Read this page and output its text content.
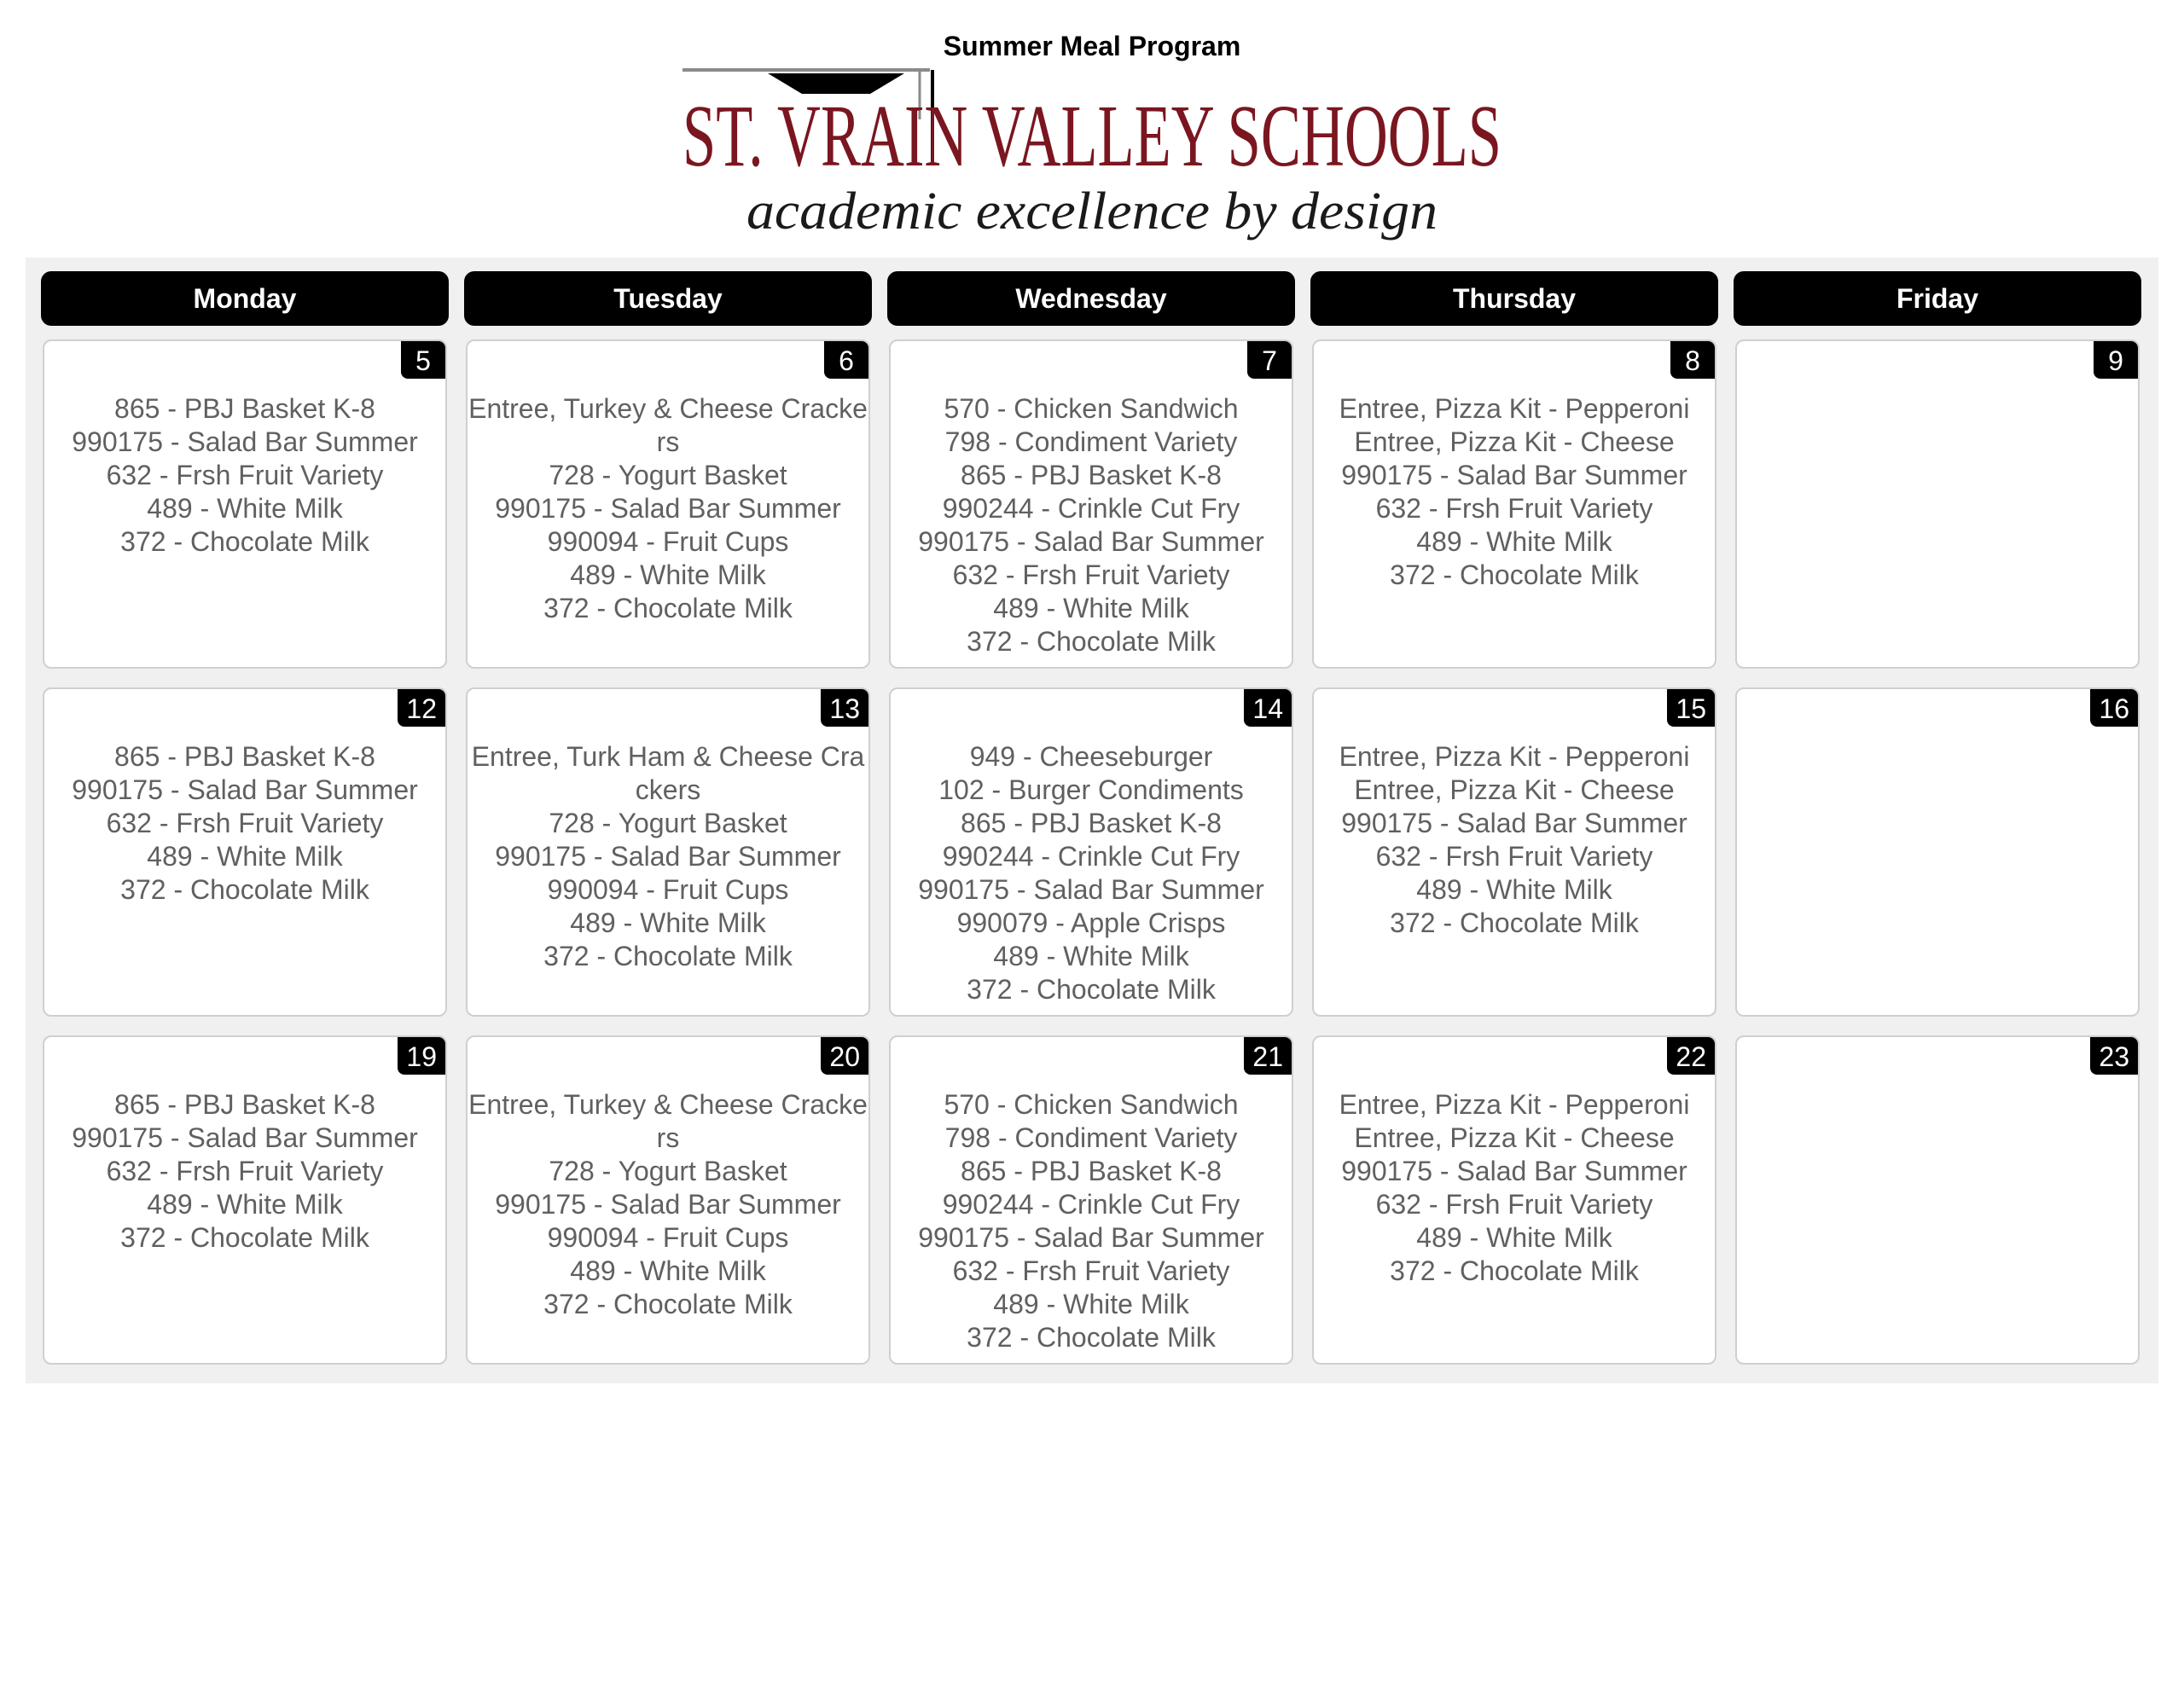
Summer Meal Program
ST. VRAIN VALLEY SCHOOLS
academic excellence by design
Monday	Tuesday	Wednesday	Thursday	Friday
5
865 - PBJ Basket K-8
990175 - Salad Bar Summer
632 - Frsh Fruit Variety
489 - White Milk
372 - Chocolate Milk
6
Entree, Turkey & Cheese Crackers
728 - Yogurt Basket
990175 - Salad Bar Summer
990094 - Fruit Cups
489 - White Milk
372 - Chocolate Milk
7
570 - Chicken Sandwich
798 - Condiment Variety
865 - PBJ Basket K-8
990244 - Crinkle Cut Fry
990175 - Salad Bar Summer
632 - Frsh Fruit Variety
489 - White Milk
372 - Chocolate Milk
8
Entree, Pizza Kit - Pepperoni
Entree, Pizza Kit - Cheese
990175 - Salad Bar Summer
632 - Frsh Fruit Variety
489 - White Milk
372 - Chocolate Milk
9
12
865 - PBJ Basket K-8
990175 - Salad Bar Summer
632 - Frsh Fruit Variety
489 - White Milk
372 - Chocolate Milk
13
Entree, Turk Ham & Cheese Crackers
728 - Yogurt Basket
990175 - Salad Bar Summer
990094 - Fruit Cups
489 - White Milk
372 - Chocolate Milk
14
949 - Cheeseburger
102 - Burger Condiments
865 - PBJ Basket K-8
990244 - Crinkle Cut Fry
990175 - Salad Bar Summer
990079 - Apple Crisps
489 - White Milk
372 - Chocolate Milk
15
Entree, Pizza Kit - Pepperoni
Entree, Pizza Kit - Cheese
990175 - Salad Bar Summer
632 - Frsh Fruit Variety
489 - White Milk
372 - Chocolate Milk
16
19
865 - PBJ Basket K-8
990175 - Salad Bar Summer
632 - Frsh Fruit Variety
489 - White Milk
372 - Chocolate Milk
20
Entree, Turkey & Cheese Crackers
728 - Yogurt Basket
990175 - Salad Bar Summer
990094 - Fruit Cups
489 - White Milk
372 - Chocolate Milk
21
570 - Chicken Sandwich
798 - Condiment Variety
865 - PBJ Basket K-8
990244 - Crinkle Cut Fry
990175 - Salad Bar Summer
632 - Frsh Fruit Variety
489 - White Milk
372 - Chocolate Milk
22
Entree, Pizza Kit - Pepperoni
Entree, Pizza Kit - Cheese
990175 - Salad Bar Summer
632 - Frsh Fruit Variety
489 - White Milk
372 - Chocolate Milk
23
